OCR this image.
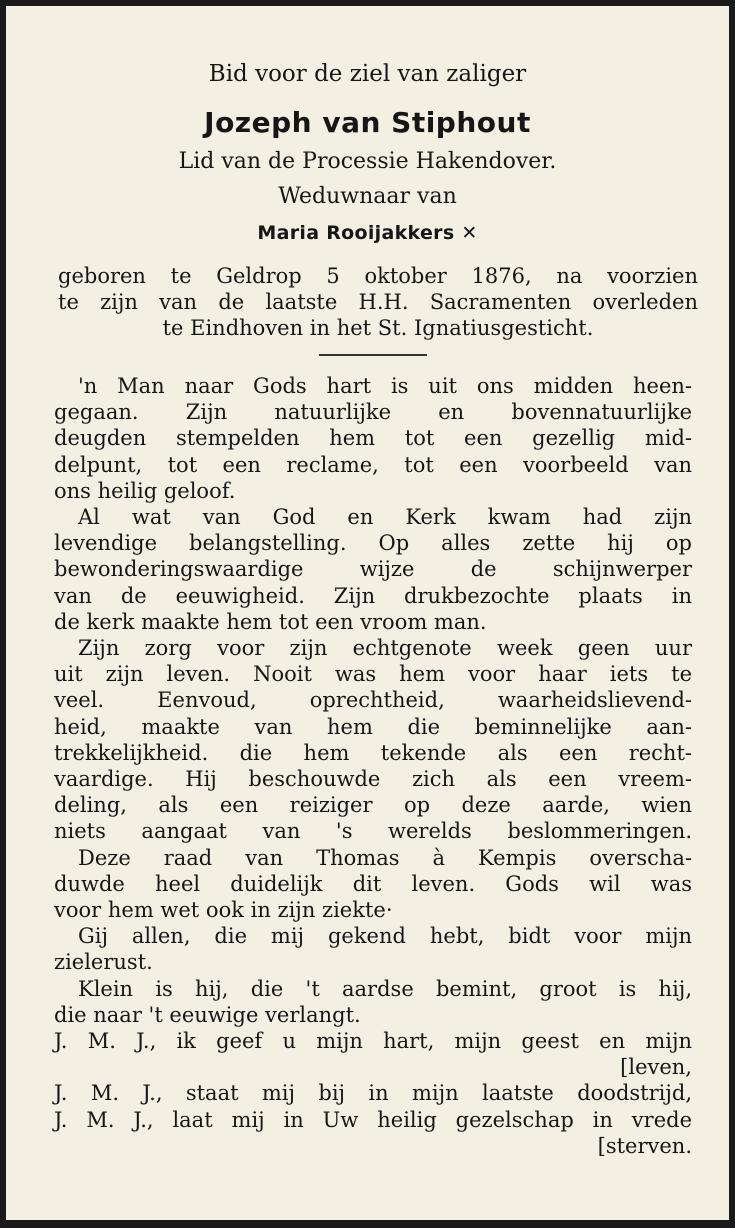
Bid voor de ziel van zaliger
Jozeph van Stiphout
Lid van de Processie Hakendover.
Weduwnaar van
Maria Rooijakkers ✕
geboren te Geldrop 5 oktober 1876, na voorzien
te zijn van de laatste H.H. Sacramenten overleden
te Eindhoven in het St. Ignatiusgesticht.
'n Man naar Gods hart is uit ons midden heen-
gegaan. Zijn natuurlijke en bovennatuurlijke
deugden stempelden hem tot een gezellig mid-
delpunt, tot een reclame, tot een voorbeeld van
ons heilig geloof.
Al wat van God en Kerk kwam had zijn
levendige belangstelling. Op alles zette hij op
bewonderingswaardige wijze de schijnwerper
van de eeuwigheid. Zijn drukbezochte plaats in
de kerk maakte hem tot een vroom man.
Zijn zorg voor zijn echtgenote week geen uur
uit zijn leven. Nooit was hem voor haar iets te
veel. Eenvoud, oprechtheid, waarheidslievend-
heid, maakte van hem die beminnelijke aan-
trekkelijkheid. die hem tekende als een recht-
vaardige. Hij beschouwde zich als een vreem-
deling, als een reiziger op deze aarde, wien
niets aangaat van 's werelds beslommeringen.
Deze raad van Thomas à Kempis overscha-
duwde heel duidelijk dit leven. Gods wil was
voor hem wet ook in zijn ziekte·
Gij allen, die mij gekend hebt, bidt voor mijn
zielerust.
Klein is hij, die 't aardse bemint, groot is hij,
die naar 't eeuwige verlangt.
J. M. J., ik geef u mijn hart, mijn geest en mijn
[leven,
J. M. J., staat mij bij in mijn laatste doodstrijd,
J. M. J., laat mij in Uw heilig gezelschap in vrede
[sterven.
